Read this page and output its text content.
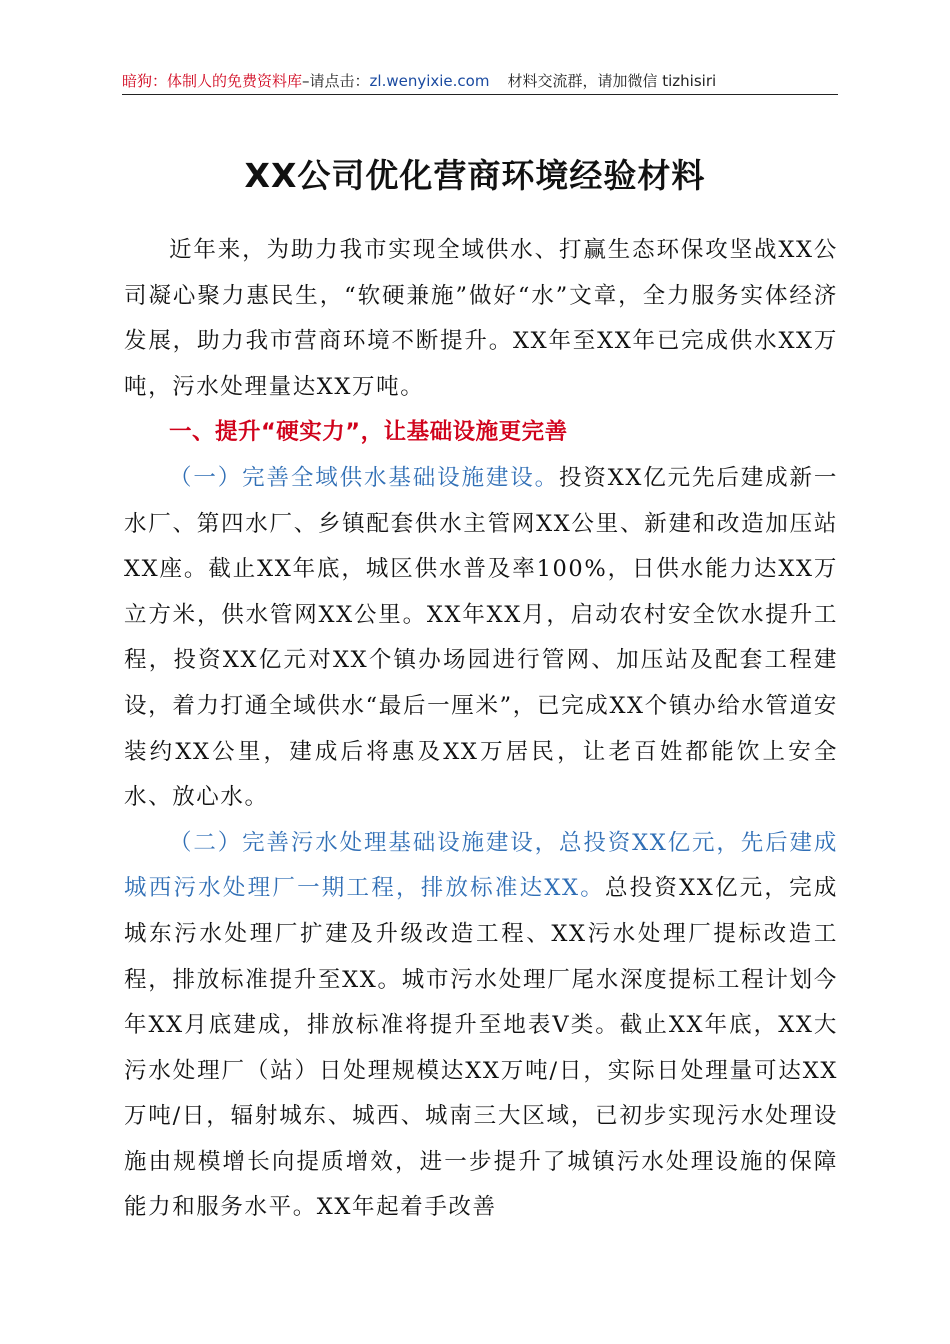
暗狗：体制人的免费资料库–请点击：zl.wenyixie.com 材料交流群，请加微信 tizhisiri
XX公司优化营商环境经验材料

近年来，为助力我市实现全域供水、打赢生态环保攻坚战XX公司凝心聚力惠民生，“软硬兼施”做好“水”文章，全力服务实体经济发展，助力我市营商环境不断提升。XX年至XX年已完成供水XX万吨，污水处理量达XX万吨。

一、提升“硬实力”，让基础设施更完善

（一）完善全域供水基础设施建设。投资XX亿元先后建成新一水厂、第四水厂、乡镇配套供水主管网XX公里、新建和改造加压站XX座。截止XX年底，城区供水普及率100%，日供水能力达XX万立方米，供水管网XX公里。XX年XX月，启动农村安全饮水提升工程，投资XX亿元对XX个镇办场园进行管网、加压站及配套工程建设，着力打通全域供水“最后一厘米”，已完成XX个镇办给水管道安装约XX公里，建成后将惠及XX万居民，让老百姓都能饮上安全水、放心水。

（二）完善污水处理基础设施建设，总投资XX亿元，先后建成城西污水处理厂一期工程，排放标准达XX。总投资XX亿元，完成城东污水处理厂扩建及升级改造工程、XX污水处理厂提标改造工程，排放标准提升至XX。城市污水处理厂尾水深度提标工程计划今年XX月底建成，排放标准将提升至地表Ⅴ类。截止XX年底，XX大污水处理厂（站）日处理规模达XX万吨/日，实际日处理量可达XX万吨/日，辐射城东、城西、城南三大区域，已初步实现污水处理设施由规模增长向提质增效，进一步提升了城镇污水处理设施的保障能力和服务水平。XX年起着手改善
